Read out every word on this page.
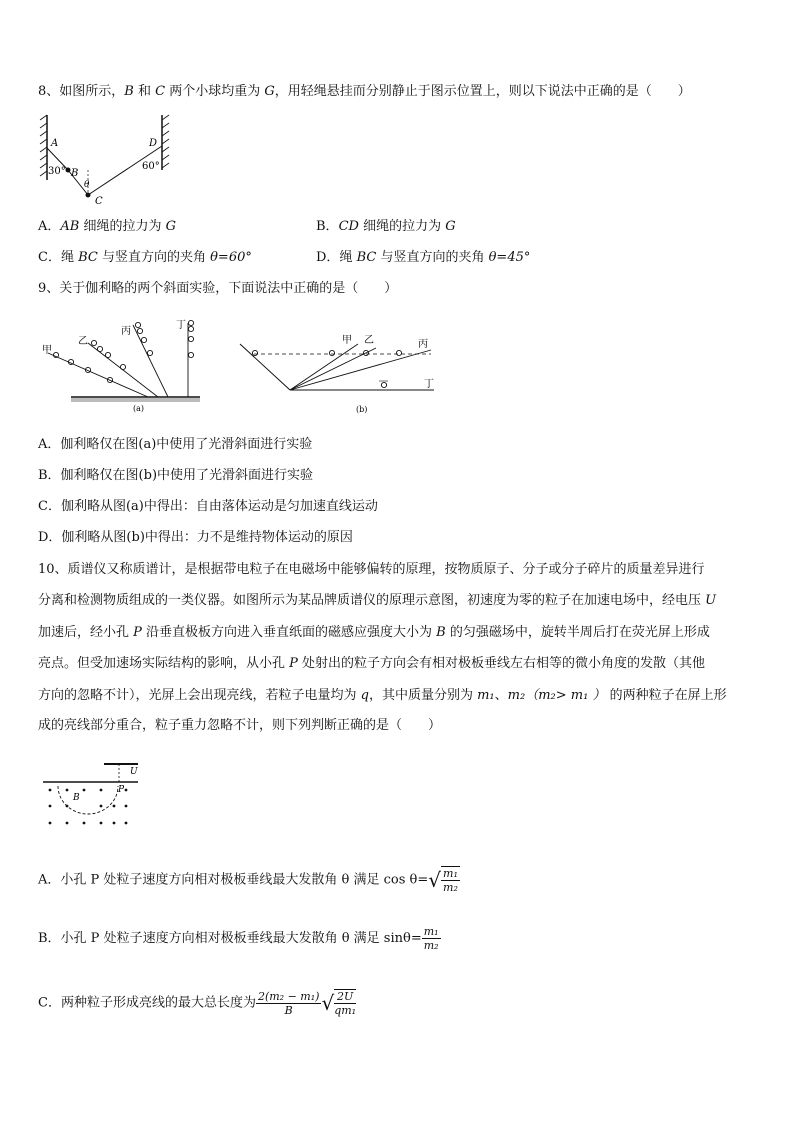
8、如图所示，B 和 C 两个小球均重为 G，用轻绳悬挂而分别静止于图示位置上，则以下说法中正确的是（　　）
A
B
C
D
30°	60°
θ
A．AB 细绳的拉力为 G	B．CD 细绳的拉力为 G
C．绳 BC 与竖直方向的夹角 θ=60°	D．绳 BC 与竖直方向的夹角 θ=45°
9、关于伽利略的两个斜面实验，下面说法中正确的是（　　）
甲
乙
丙
丁
(a)
甲 乙	丙
丁
(b)
A．伽利略仅在图(a)中使用了光滑斜面进行实验
B．伽利略仅在图(b)中使用了光滑斜面进行实验
C．伽利略从图(a)中得出：自由落体运动是匀加速直线运动
D．伽利略从图(b)中得出：力不是维持物体运动的原因
10、质谱仪又称质谱计，是根据带电粒子在电磁场中能够偏转的原理，按物质原子、分子或分子碎片的质量差异进行
分离和检测物质组成的一类仪器。如图所示为某品牌质谱仪的原理示意图，初速度为零的粒子在加速电场中，经电压 U
加速后，经小孔 P 沿垂直极板方向进入垂直纸面的磁感应强度大小为 B 的匀强磁场中，旋转半周后打在荧光屏上形成
亮点。但受加速场实际结构的影响，从小孔 P 处射出的粒子方向会有相对极板垂线左右相等的微小角度的发散（其他
方向的忽略不计），光屏上会出现亮线，若粒子电量均为 q，其中质量分别为 m₁、m₂（m₂> m₁ ） 的两种粒子在屏上形
成的亮线部分重合，粒子重力忽略不计，则下列判断正确的是（　　）
U
P
B
A．小孔 P 处粒子速度方向相对极板垂线最大发散角 θ 满足 $\cos \theta=√ \frac{\text{m₁}}{\text{m₂}}$
B．小孔 P 处粒子速度方向相对极板垂线最大发散角 θ 满足 $\sin\theta= \frac{\text{m₁}}{\text{m₂}}$
C．两种粒子形成亮线的最大总长度为 $\frac{\text{2(m₂ − m₁)}}{B}$ √ $\frac{2U}{\text{qm₁}}$
